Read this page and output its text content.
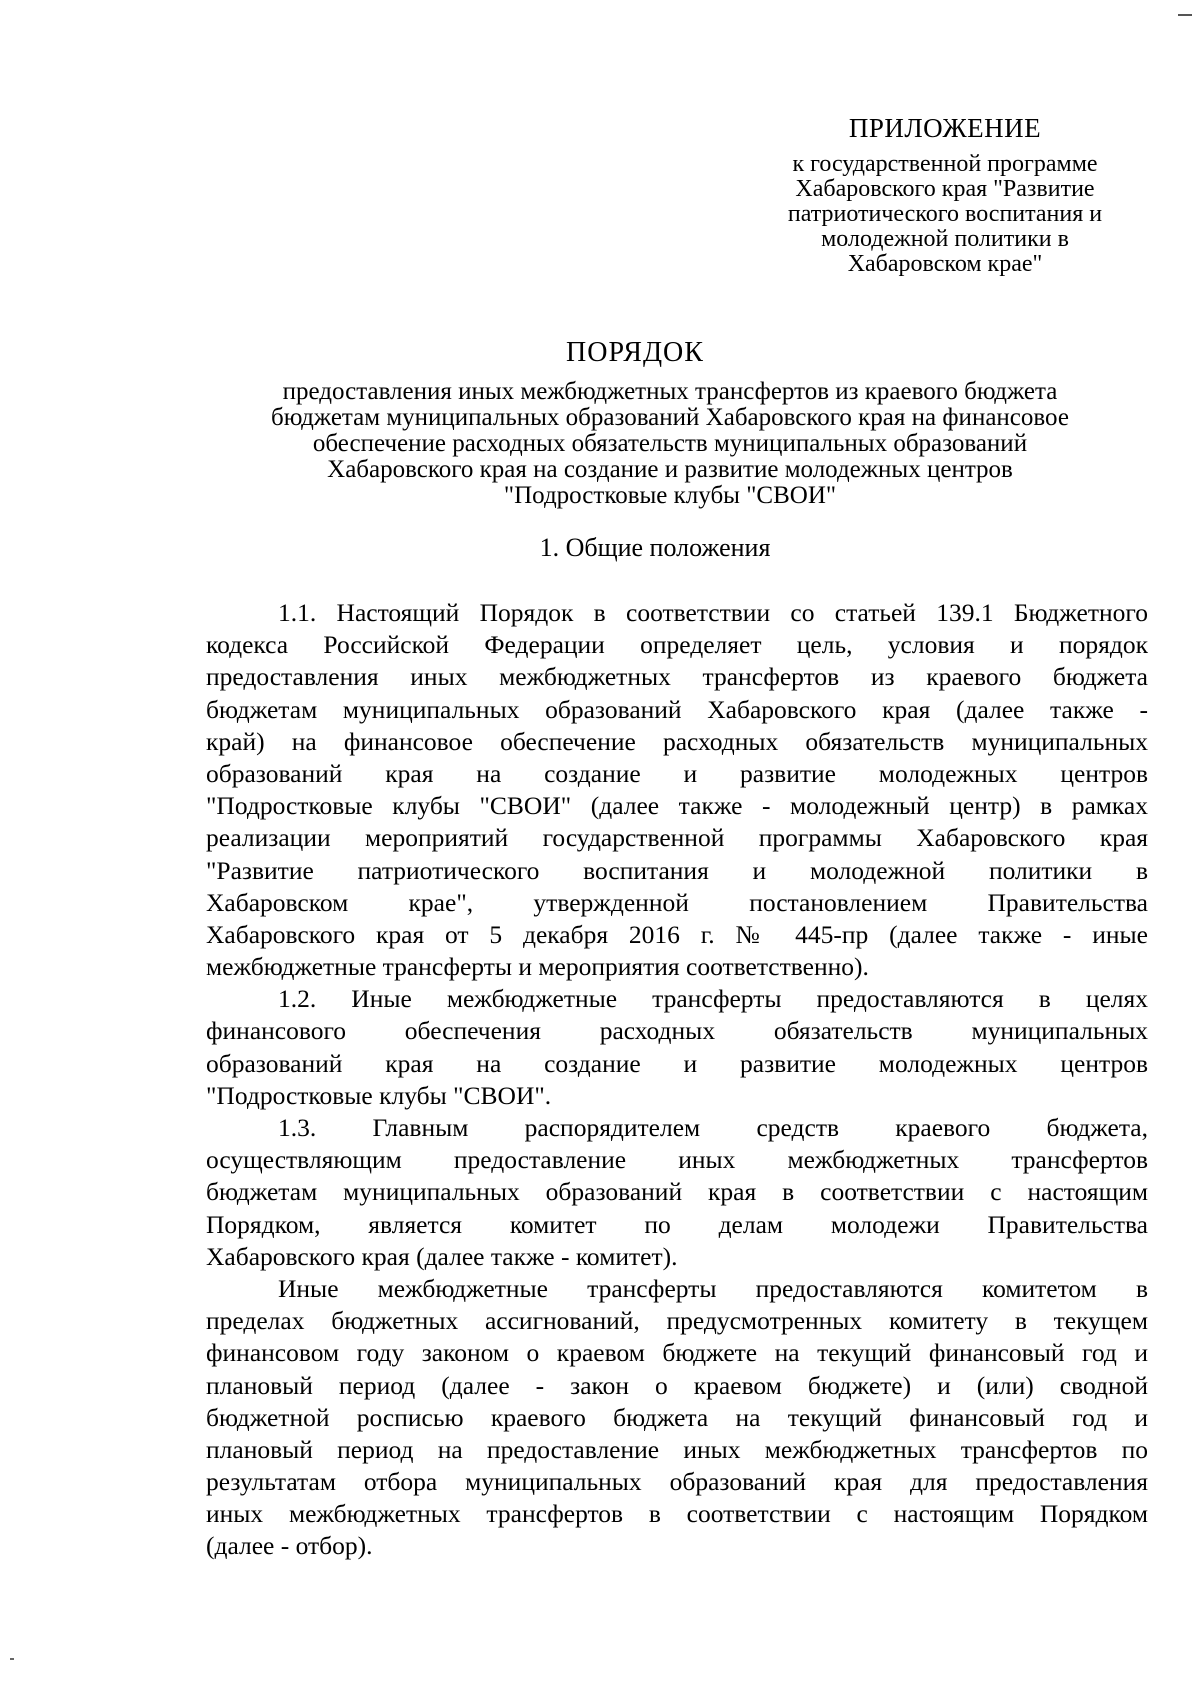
ПРИЛОЖЕНИЕ
к государственной программе
Хабаровского края "Развитие
патриотического воспитания и
молодежной политики в
Хабаровском крае"
ПОРЯДОК
предоставления иных межбюджетных трансфертов из краевого бюджета
бюджетам муниципальных образований Хабаровского края на финансовое
обеспечение расходных обязательств муниципальных образований
Хабаровского края на создание и развитие молодежных центров
"Подростковые клубы "СВОИ"
1. Общие положения
1.1. Настоящий Порядок в соответствии со статьей 139.1 Бюджетного
кодекса Российской Федерации определяет цель, условия и порядок
предоставления иных межбюджетных трансфертов из краевого бюджета
бюджетам муниципальных образований Хабаровского края (далее также -
край) на финансовое обеспечение расходных обязательств муниципальных
образований края на создание и развитие молодежных центров
"Подростковые клубы "СВОИ" (далее также - молодежный центр) в рамках
реализации мероприятий государственной программы Хабаровского края
"Развитие патриотического воспитания и молодежной политики в
Хабаровском крае", утвержденной постановлением Правительства
Хабаровского края от 5 декабря 2016 г. № 445-пр (далее также - иные
межбюджетные трансферты и мероприятия соответственно).
1.2. Иные межбюджетные трансферты предоставляются в целях
финансового обеспечения расходных обязательств муниципальных
образований края на создание и развитие молодежных центров
"Подростковые клубы "СВОИ".
1.3. Главным распорядителем средств краевого бюджета,
осуществляющим предоставление иных межбюджетных трансфертов
бюджетам муниципальных образований края в соответствии с настоящим
Порядком, является комитет по делам молодежи Правительства
Хабаровского края (далее также - комитет).
Иные межбюджетные трансферты предоставляются комитетом в
пределах бюджетных ассигнований, предусмотренных комитету в текущем
финансовом году законом о краевом бюджете на текущий финансовый год и
плановый период (далее - закон о краевом бюджете) и (или) сводной
бюджетной росписью краевого бюджета на текущий финансовый год и
плановый период на предоставление иных межбюджетных трансфертов по
результатам отбора муниципальных образований края для предоставления
иных межбюджетных трансфертов в соответствии с настоящим Порядком
(далее - отбор).
